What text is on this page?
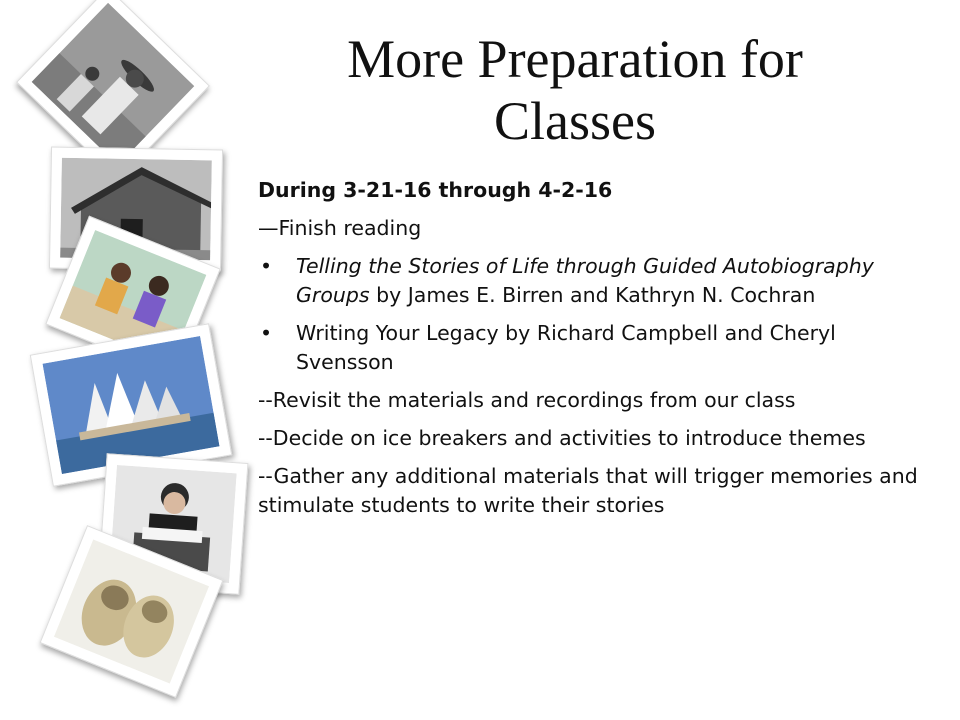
More Preparation for
Classes

During 3-21-16 through 4-2-16

—Finish reading

• Telling the Stories of Life through Guided Autobiography Groups by James E. Birren and Kathryn N. Cochran
• Writing Your Legacy by Richard Campbell and Cheryl Svensson

--Revisit the materials and recordings from our class

--Decide on ice breakers and activities to introduce themes

--Gather any additional materials that will trigger memories and stimulate students to write their stories
